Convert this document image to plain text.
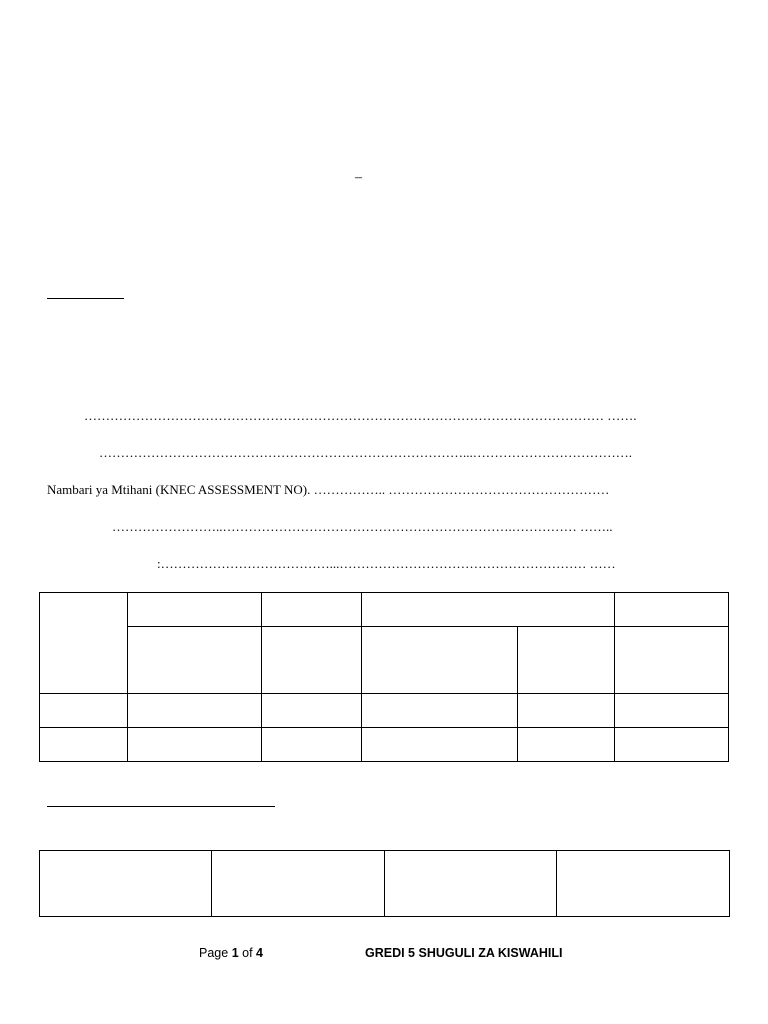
–
………………………………………………………………………………………………………… …….
…………………………………………………………………………...……………………………….
Nambari ya Mtihani (KNEC ASSESSMENT NO). …………….. ……………………………………………
……………………..………………………………………………………….…………… ……..
:…………………………………...………………………………………………… ……

Page 1 of 4	GREDI 5 SHUGULI ZA KISWAHILI
